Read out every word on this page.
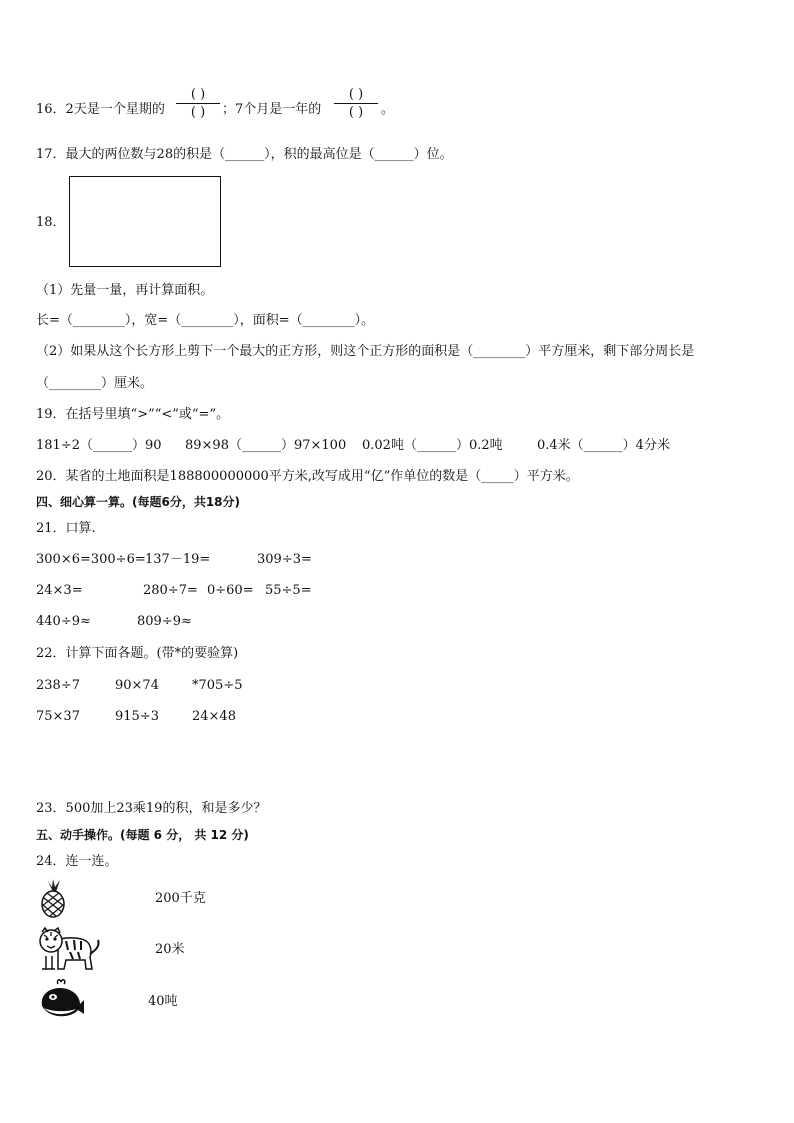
16．2天是一个星期的
( )
( )	；7个月是一年的
( )
( )	。
17．最大的两位数与28的积是（______），积的最高位是（______）位。
18．
（1）先量一量，再计算面积。
长=（________），宽=（________），面积=（________）。
（2）如果从这个长方形上剪下一个最大的正方形，则这个正方形的面积是（________）平方厘米，剩下部分周长是
（________）厘米。
19．在括号里填“>”“<”或“=”。
181÷2（______）90 89×98（______）97×100 0.02吨（______）0.2吨	0.4米（______）4分米
20．某省的土地面积是188800000000平方米,改写成用“亿”作单位的数是（_____）平方米。
四、细心算一算。(每题6分，共18分)
21．口算.
300×6=300÷6= 137－19=	309÷3=
24×3=	280÷7= 0÷60= 55÷5=
440÷9≈	809÷9≈
22．计算下面各题。(带*的要验算)
238÷7	90×74	*705÷5
75×37	915÷3	24×48
23．500加上23乘19的积，和是多少？
五、动手操作。(每题 6 分， 共 12 分)
24．连一连。
200千克
20米
40吨
